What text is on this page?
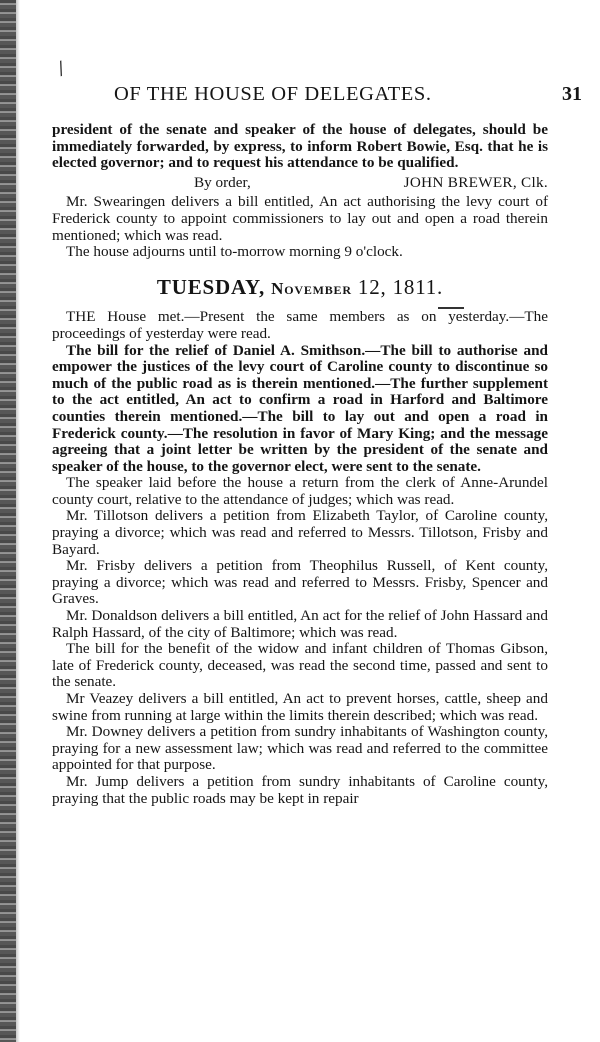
/
OF THE HOUSE OF DELEGATES.	31

president of the senate and speaker of the house of delegates, should be immediately forwarded, by express, to inform Robert Bowie, Esq. that he is elected governor; and to request his attendance to be qualified.

By order,	JOHN BREWER, Clk.

Mr. Swearingen delivers a bill entitled, An act authorising the levy court of Frederick county to appoint commissioners to lay out and open a road therein mentioned; which was read.

The house adjourns until to-morrow morning 9 o'clock.

TUESDAY, November 12, 1811.

THE House met.—Present the same members as on yesterday.—The proceedings of yesterday were read.

The bill for the relief of Daniel A. Smithson.—The bill to authorise and empower the justices of the levy court of Caroline county to discontinue so much of the public road as is therein mentioned.—The further supplement to the act entitled, An act to confirm a road in Harford and Baltimore counties therein mentioned.—The bill to lay out and open a road in Frederick county.—The resolution in favor of Mary King; and the message agreeing that a joint letter be written by the president of the senate and speaker of the house, to the governor elect, were sent to the senate.

The speaker laid before the house a return from the clerk of Anne-Arundel county court, relative to the attendance of judges; which was read.

Mr. Tillotson delivers a petition from Elizabeth Taylor, of Caroline county, praying a divorce; which was read and referred to Messrs. Tillotson, Frisby and Bayard.

Mr. Frisby delivers a petition from Theophilus Russell, of Kent county, praying a divorce; which was read and referred to Messrs. Frisby, Spencer and Graves.

Mr. Donaldson delivers a bill entitled, An act for the relief of John Hassard and Ralph Hassard, of the city of Baltimore; which was read.

The bill for the benefit of the widow and infant children of Thomas Gibson, late of Frederick county, deceased, was read the second time, passed and sent to the senate.

Mr Veazey delivers a bill entitled, An act to prevent horses, cattle, sheep and swine from running at large within the limits therein described; which was read.

Mr. Downey delivers a petition from sundry inhabitants of Washington county, praying for a new assessment law; which was read and referred to the committee appointed for that purpose.

Mr. Jump delivers a petition from sundry inhabitants of Caroline county, praying that the public roads may be kept in repair
